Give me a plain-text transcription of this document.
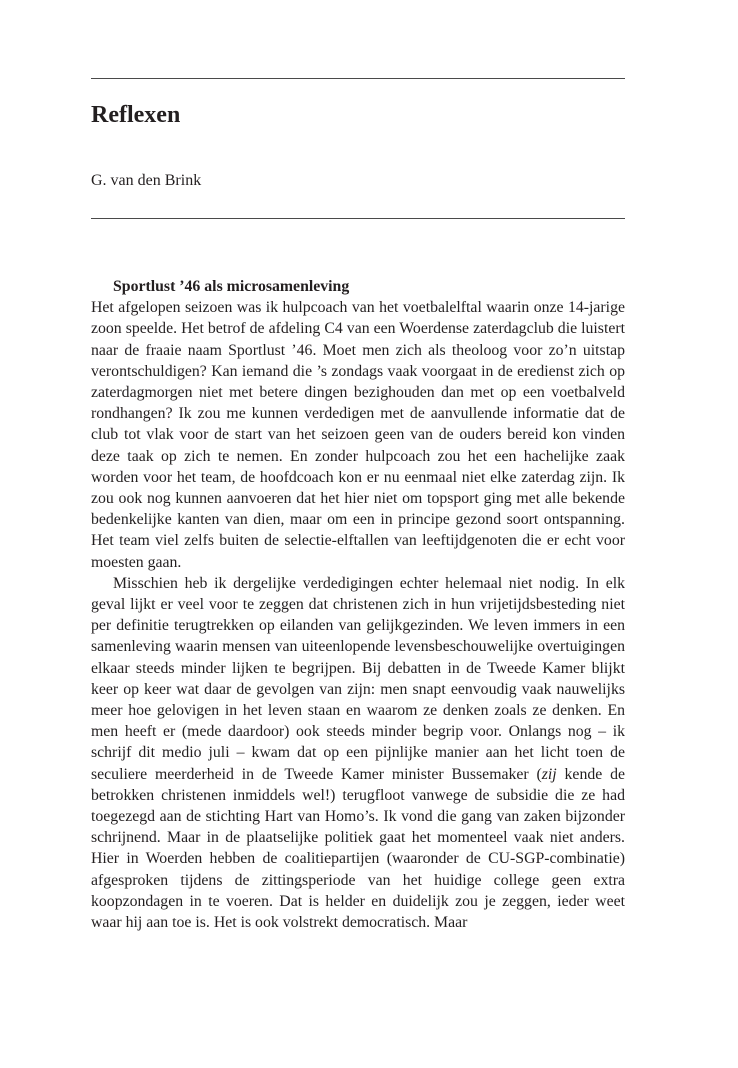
Reflexen

G. van den Brink

Sportlust ’46 als microsamenleving

Het afgelopen seizoen was ik hulpcoach van het voetbalelftal waarin onze 14-jarige zoon speelde. Het betrof de afdeling C4 van een Woerdense zaterdagclub die luistert naar de fraaie naam Sportlust ’46. Moet men zich als theoloog voor zo’n uitstap verontschuldigen? Kan iemand die ’s zondags vaak voorgaat in de eredienst zich op zaterdagmorgen niet met betere dingen bezighouden dan met op een voetbalveld rondhangen? Ik zou me kunnen verdedigen met de aanvullende informatie dat de club tot vlak voor de start van het seizoen geen van de ouders bereid kon vinden deze taak op zich te nemen. En zonder hulpcoach zou het een hachelijke zaak worden voor het team, de hoofdcoach kon er nu eenmaal niet elke zaterdag zijn. Ik zou ook nog kunnen aanvoeren dat het hier niet om topsport ging met alle bekende bedenkelijke kanten van dien, maar om een in principe gezond soort ontspanning. Het team viel zelfs buiten de selectie-elftallen van leeftijdgenoten die er echt voor moesten gaan.

Misschien heb ik dergelijke verdedigingen echter helemaal niet nodig. In elk geval lijkt er veel voor te zeggen dat christenen zich in hun vrijetijdsbesteding niet per definitie terugtrekken op eilanden van gelijkgezinden. We leven immers in een samenleving waarin mensen van uiteenlopende levensbeschouwelijke overtuigingen elkaar steeds minder lijken te begrijpen. Bij debatten in de Tweede Kamer blijkt keer op keer wat daar de gevolgen van zijn: men snapt eenvoudig vaak nauwelijks meer hoe gelovigen in het leven staan en waarom ze denken zoals ze denken. En men heeft er (mede daardoor) ook steeds minder begrip voor. Onlangs nog – ik schrijf dit medio juli – kwam dat op een pijnlijke manier aan het licht toen de seculiere meerderheid in de Tweede Kamer minister Bussemaker (zij kende de betrokken christenen inmiddels wel!) terugfloot vanwege de subsidie die ze had toegezegd aan de stichting Hart van Homo’s. Ik vond die gang van zaken bijzonder schrijnend. Maar in de plaatselijke politiek gaat het momenteel vaak niet anders. Hier in Woerden hebben de coalitiepartijen (waaronder de CU-SGP-combinatie) afgesproken tijdens de zittingsperiode van het huidige college geen extra koopzondagen in te voeren. Dat is helder en duidelijk zou je zeggen, ieder weet waar hij aan toe is. Het is ook volstrekt democratisch. Maar
